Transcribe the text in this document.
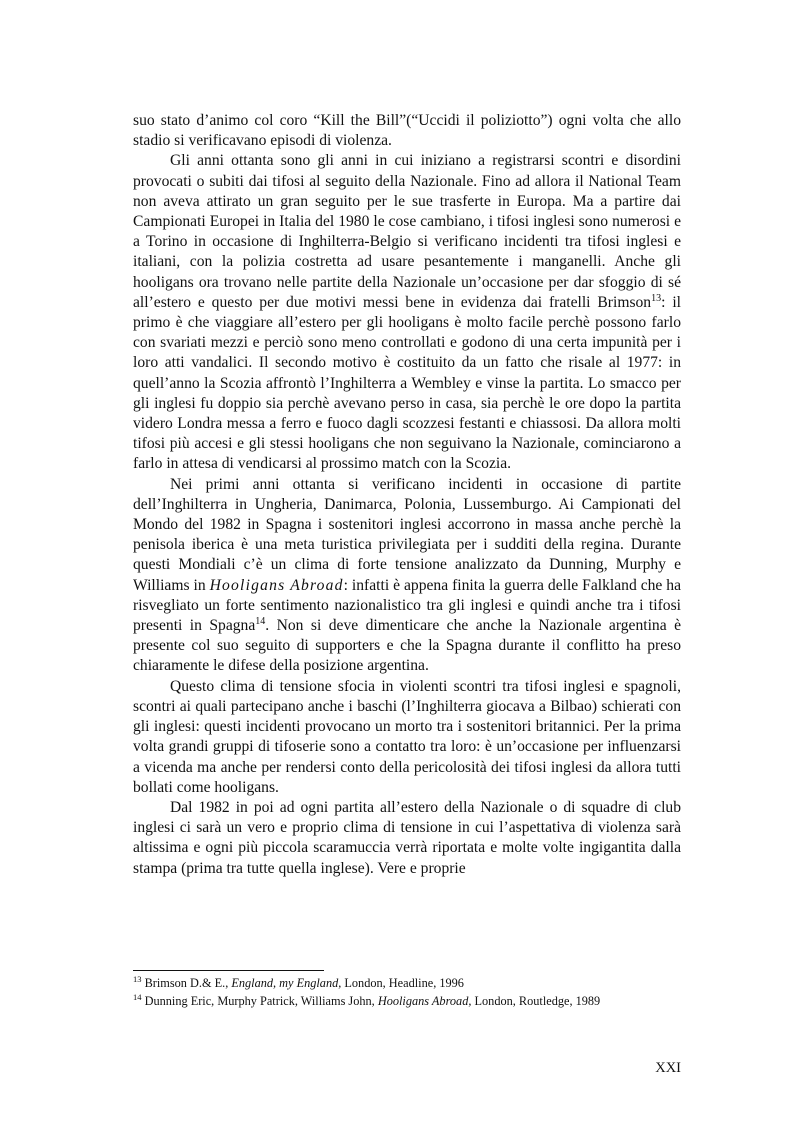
suo stato d’animo col coro “Kill the Bill”(“Uccidi il poliziotto”) ogni volta che allo stadio si verificavano episodi di violenza.

Gli anni ottanta sono gli anni in cui iniziano a registrarsi scontri e disordini provocati o subiti dai tifosi al seguito della Nazionale. Fino ad allora il National Team non aveva attirato un gran seguito per le sue trasferte in Europa. Ma a partire dai Campionati Europei in Italia del 1980 le cose cambiano, i tifosi inglesi sono numerosi e a Torino in occasione di Inghilterra-Belgio si verificano incidenti tra tifosi inglesi e italiani, con la polizia costretta ad usare pesantemente i manganelli. Anche gli hooligans ora trovano nelle partite della Nazionale un’occasione per dar sfoggio di sé all’estero e questo per due motivi messi bene in evidenza dai fratelli Brimson$^{13}$: il primo è che viaggiare all’estero per gli hooligans è molto facile perchè possono farlo con svariati mezzi e perciò sono meno controllati e godono di una certa impunità per i loro atti vandalici. Il secondo motivo è costituito da un fatto che risale al 1977: in quell’anno la Scozia affrontò l’Inghilterra a Wembley e vinse la partita. Lo smacco per gli inglesi fu doppio sia perchè avevano perso in casa, sia perchè le ore dopo la partita videro Londra messa a ferro e fuoco dagli scozzesi festanti e chiassosi. Da allora molti tifosi più accesi e gli stessi hooligans che non seguivano la Nazionale, cominciarono a farlo in attesa di vendicarsi al prossimo match con la Scozia.

Nei primi anni ottanta si verificano incidenti in occasione di partite dell’Inghilterra in Ungheria, Danimarca, Polonia, Lussemburgo. Ai Campionati del Mondo del 1982 in Spagna i sostenitori inglesi accorrono in massa anche perchè la penisola iberica è una meta turistica privilegiata per i sudditi della regina. Durante questi Mondiali c’è un clima di forte tensione analizzato da Dunning, Murphy e Williams in Hooligans Abroad: infatti è appena finita la guerra delle Falkland che ha risvegliato un forte sentimento nazionalistico tra gli inglesi e quindi anche tra i tifosi presenti in Spagna$^{14}$. Non si deve dimenticare che anche la Nazionale argentina è presente col suo seguito di supporters e che la Spagna durante il conflitto ha preso chiaramente le difese della posizione argentina.

Questo clima di tensione sfocia in violenti scontri tra tifosi inglesi e spagnoli, scontri ai quali partecipano anche i baschi (l’Inghilterra giocava a Bilbao) schierati con gli inglesi: questi incidenti provocano un morto tra i sostenitori britannici. Per la prima volta grandi gruppi di tifoserie sono a contatto tra loro: è un’occasione per influenzarsi a vicenda ma anche per rendersi conto della pericolosità dei tifosi inglesi da allora tutti bollati come hooligans.

Dal 1982 in poi ad ogni partita all’estero della Nazionale o di squadre di club inglesi ci sarà un vero e proprio clima di tensione in cui l’aspettativa di violenza sarà altissima e ogni più piccola scaramuccia verrà riportata e molte volte ingigantita dalla stampa (prima tra tutte quella inglese). Vere e proprie

$^{13}$ Brimson D.& E., England, my England, London, Headline, 1996
$^{14}$ Dunning Eric, Murphy Patrick, Williams John, Hooligans Abroad, London, Routledge, 1989
XXI
